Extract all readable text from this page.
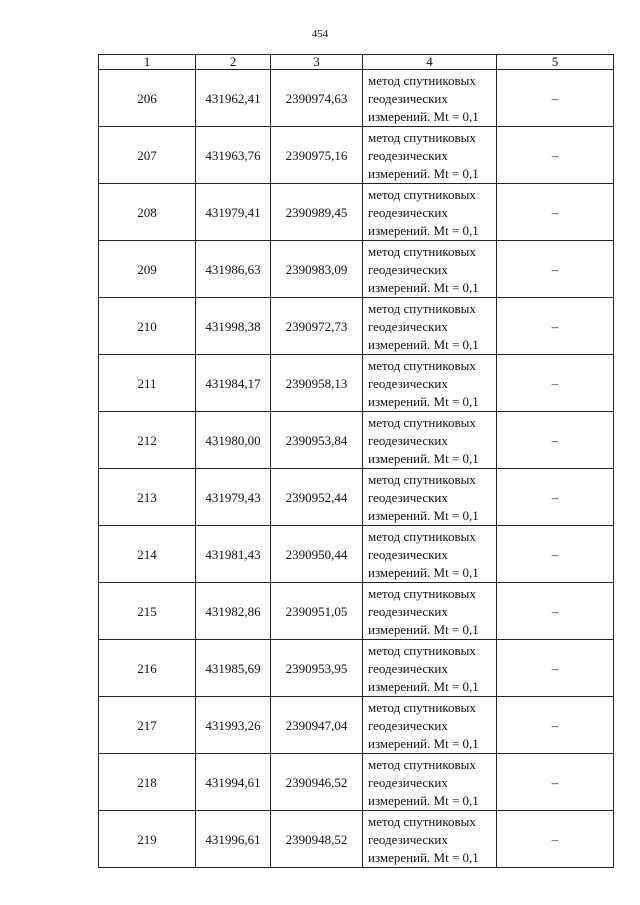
454
1	2	3	4	5
206	431962,41	2390974,63	метод спутниковых
геодезических
измерений. Mt = 0,1	–
207	431963,76	2390975,16	метод спутниковых
геодезических
измерений. Mt = 0,1	–
208	431979,41	2390989,45	метод спутниковых
геодезических
измерений. Mt = 0,1	–
209	431986,63	2390983,09	метод спутниковых
геодезических
измерений. Mt = 0,1	–
210	431998,38	2390972,73	метод спутниковых
геодезических
измерений. Mt = 0,1	–
211	431984,17	2390958,13	метод спутниковых
геодезических
измерений. Mt = 0,1	–
212	431980,00	2390953,84	метод спутниковых
геодезических
измерений. Mt = 0,1	–
213	431979,43	2390952,44	метод спутниковых
геодезических
измерений. Mt = 0,1	–
214	431981,43	2390950,44	метод спутниковых
геодезических
измерений. Mt = 0,1	–
215	431982,86	2390951,05	метод спутниковых
геодезических
измерений. Mt = 0,1	–
216	431985,69	2390953,95	метод спутниковых
геодезических
измерений. Mt = 0,1	–
217	431993,26	2390947,04	метод спутниковых
геодезических
измерений. Mt = 0,1	–
218	431994,61	2390946,52	метод спутниковых
геодезических
измерений. Mt = 0,1	–
219	431996,61	2390948,52	метод спутниковых
геодезических
измерений. Mt = 0,1	–
